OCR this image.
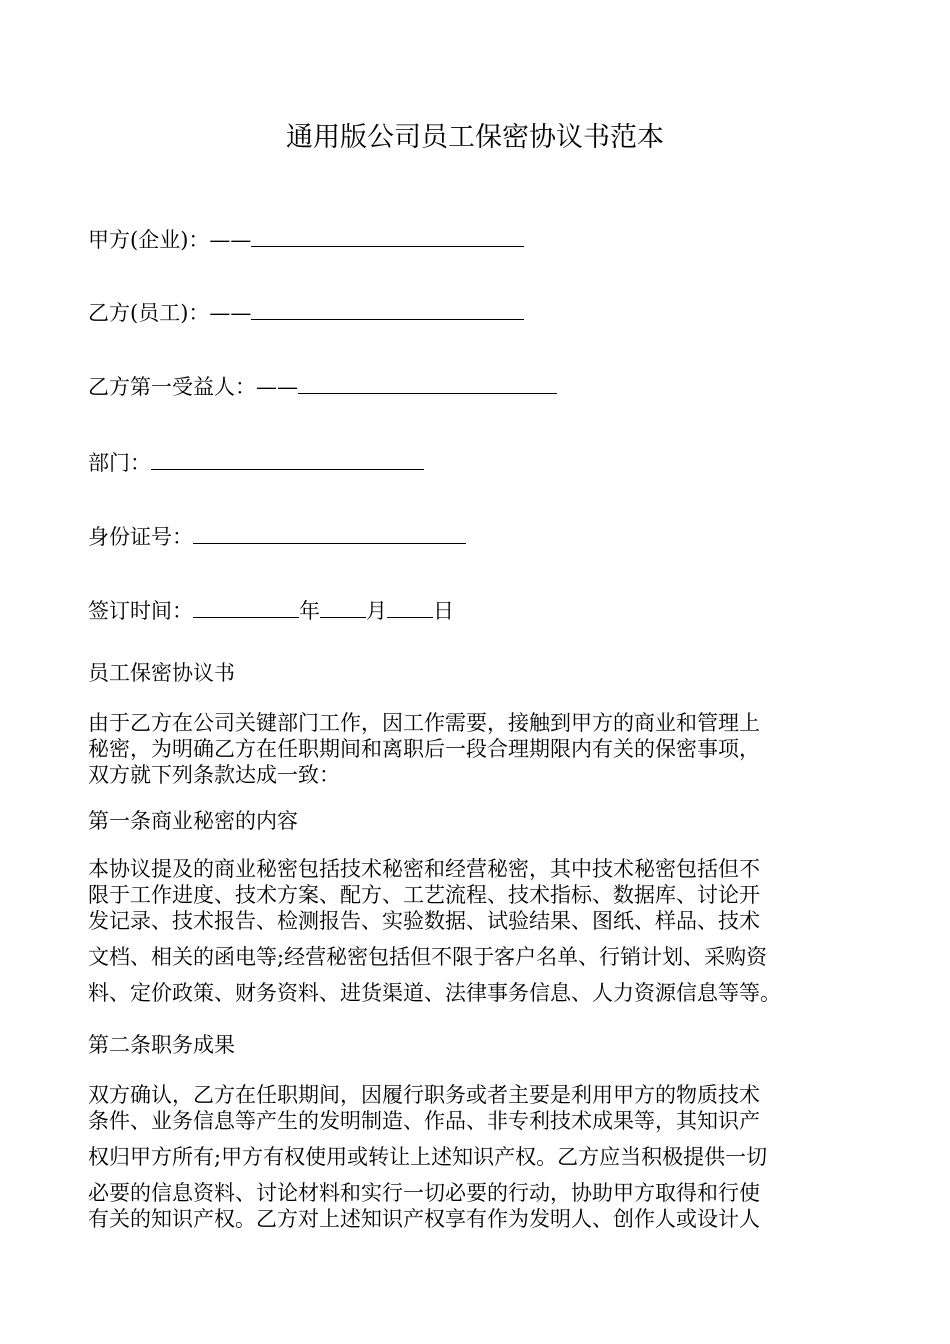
通用版公司员工保密协议书范本
甲方(企业)：——
乙方(员工)：——
乙方第一受益人：——
部门：
身份证号：
签订时间：	年 月 日
员工保密协议书
由于乙方在公司关键部门工作，因工作需要，接触到甲方的商业和管理上
秘密，为明确乙方在任职期间和离职后一段合理期限内有关的保密事项，
双方就下列条款达成一致：
第一条商业秘密的内容
本协议提及的商业秘密包括技术秘密和经营秘密，其中技术秘密包括但不
限于工作进度、技术方案、配方、工艺流程、技术指标、数据库、讨论开
发记录、技术报告、检测报告、实验数据、试验结果、图纸、样品、技术
文档、相关的函电等;经营秘密包括但不限于客户名单、行销计划、采购资
料、定价政策、财务资料、进货渠道、法律事务信息、人力资源信息等等。
第二条职务成果
双方确认，乙方在任职期间，因履行职务或者主要是利用甲方的物质技术
条件、业务信息等产生的发明制造、作品、非专利技术成果等，其知识产
权归甲方所有;甲方有权使用或转让上述知识产权。乙方应当积极提供一切
必要的信息资料、讨论材料和实行一切必要的行动，协助甲方取得和行使
有关的知识产权。乙方对上述知识产权享有作为发明人、创作人或设计人
